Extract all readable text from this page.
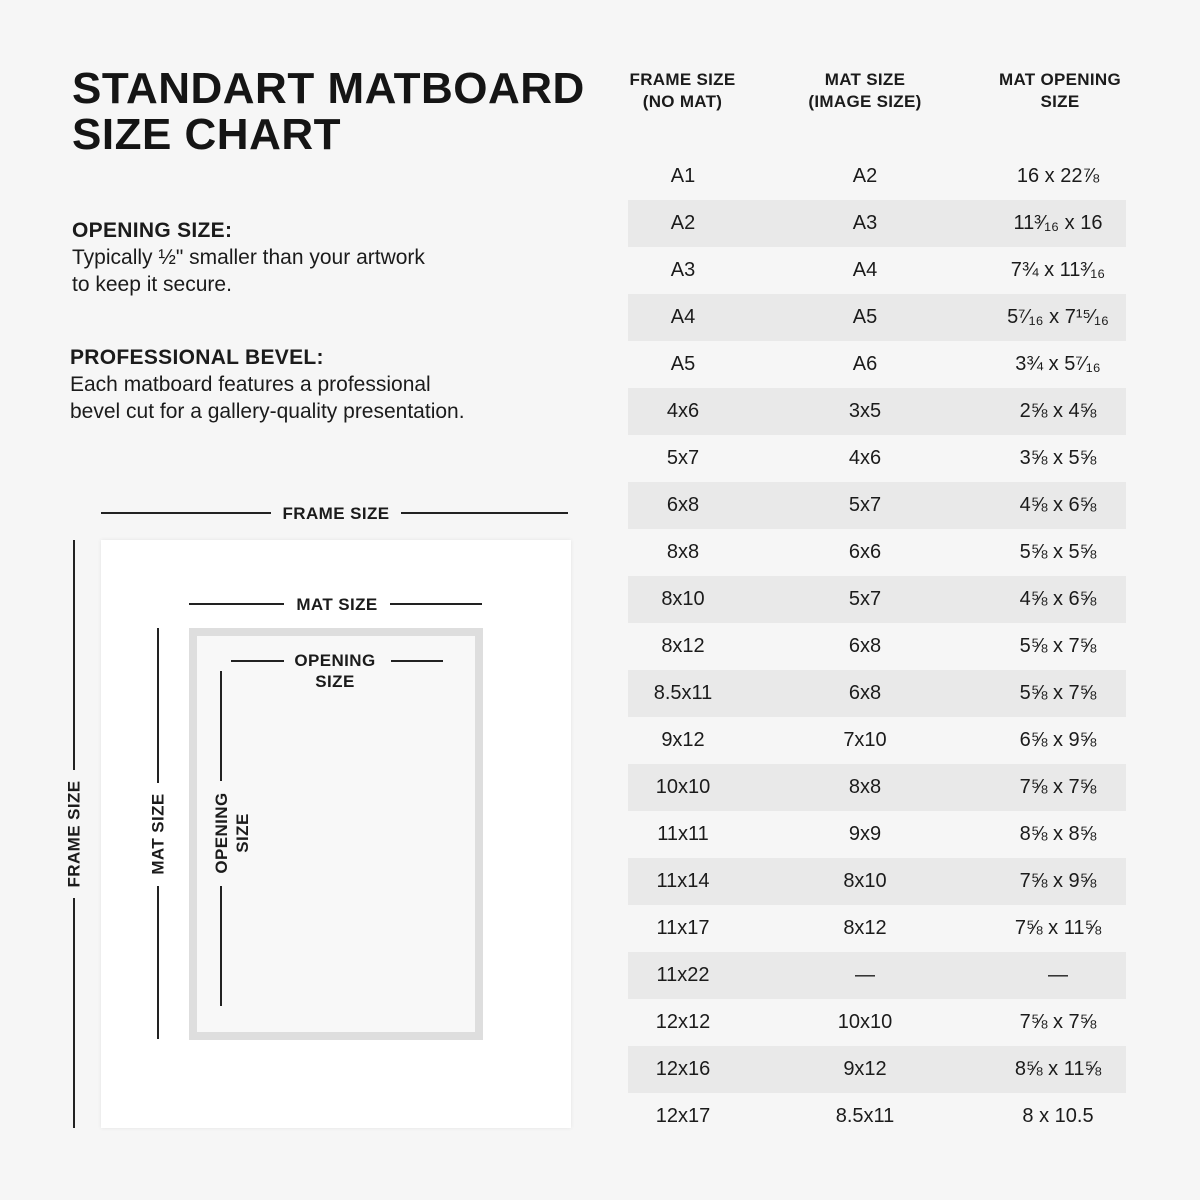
STANDART MATBOARD
SIZE CHART
OPENING SIZE:
Typically ½" smaller than your artwork
to keep it secure.
PROFESSIONAL BEVEL:
Each matboard features a professional
bevel cut for a gallery-quality presentation.
FRAME SIZE
MAT SIZE
OPENING
SIZE
FRAME SIZE	MAT SIZE	OPENING SIZE
FRAME SIZE
(NO MAT)
MAT SIZE
(IMAGE SIZE)
MAT OPENING
SIZE
A1	A2	16 x 22⅞
A2	A3	11³⁄₁₆ x 16
A3	A4	7¾ x 11³⁄₁₆
A4	A5	5⁷⁄₁₆ x 7¹⁵⁄₁₆
A5	A6	3¾ x 5⁷⁄₁₆
4x6	3x5	2⅝ x 4⅝
5x7	4x6	3⅝ x 5⅝
6x8	5x7	4⅝ x 6⅝
8x8	6x6	5⅝ x 5⅝
8x10	5x7	4⅝ x 6⅝
8x12	6x8	5⅝ x 7⅝
8.5x11	6x8	5⅝ x 7⅝
9x12	7x10	6⅝ x 9⅝
10x10	8x8	7⅝ x 7⅝
11x11	9x9	8⅝ x 8⅝
11x14	8x10	7⅝ x 9⅝
11x17	8x12	7⅝ x 11⅝
11x22	—	—
12x12	10x10	7⅝ x 7⅝
12x16	9x12	8⅝ x 11⅝
12x17	8.5x11	8 x 10.5
